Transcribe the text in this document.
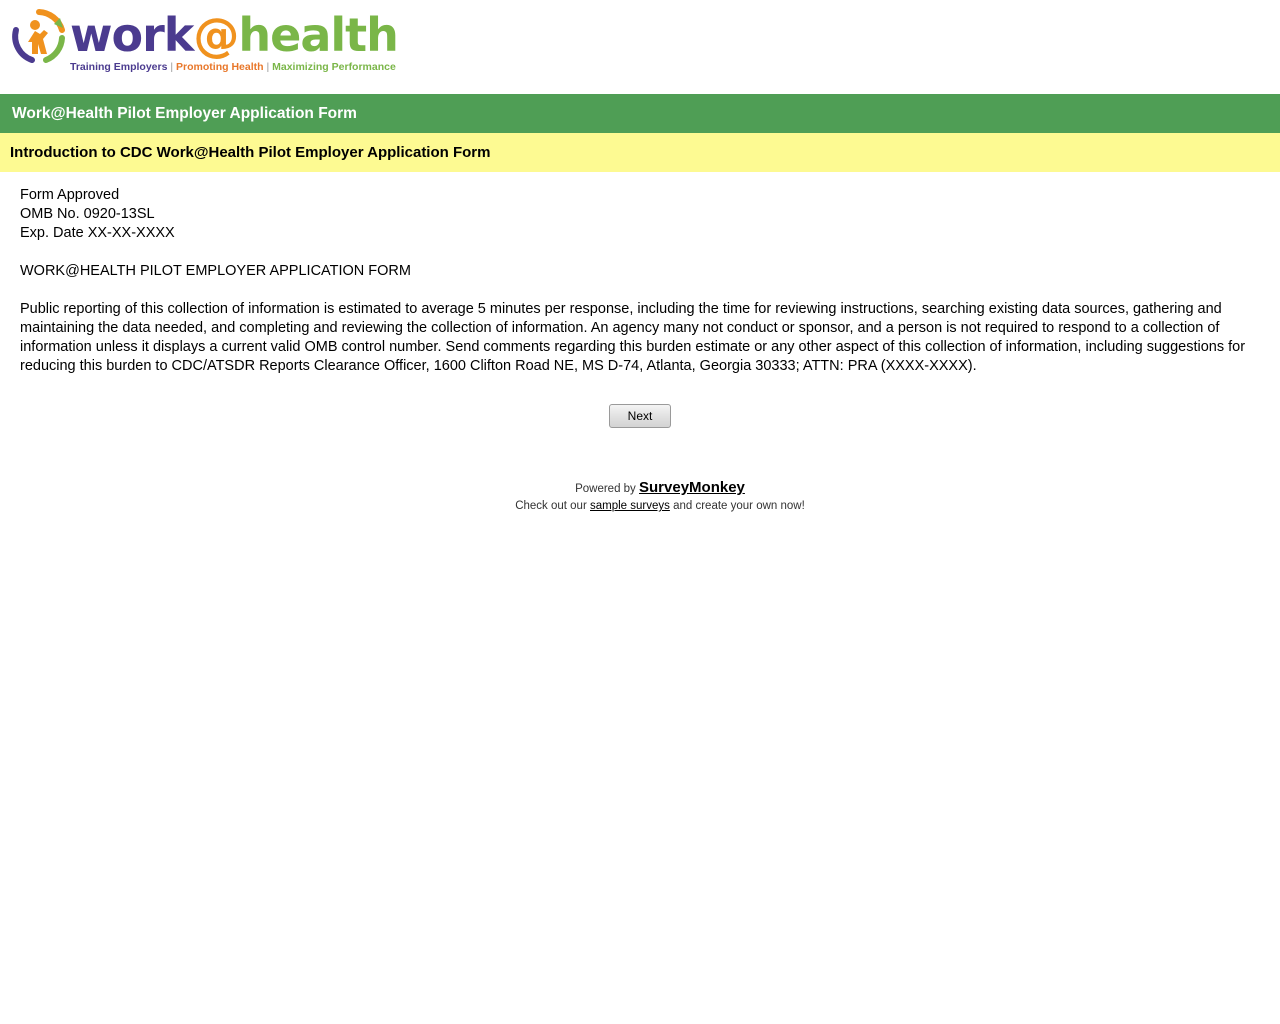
work@health
Training Employers | Promoting Health | Maximizing Performance
Work@Health Pilot Employer Application Form
Introduction to CDC Work@Health Pilot Employer Application Form
Form Approved
OMB No. 0920-13SL
Exp. Date XX-XX-XXXX
WORK@HEALTH PILOT EMPLOYER APPLICATION FORM
Public reporting of this collection of information is estimated to average 5 minutes per response, including the time for reviewing instructions, searching existing data sources, gathering and maintaining the data needed, and completing and reviewing the collection of information. An agency many not conduct or sponsor, and a person is not required to respond to a collection of information unless it displays a current valid OMB control number. Send comments regarding this burden estimate or any other aspect of this collection of information, including suggestions for reducing this burden to CDC/ATSDR Reports Clearance Officer, 1600 Clifton Road NE, MS D-74, Atlanta, Georgia 30333; ATTN: PRA (XXXX-XXXX).
Next
Powered by SurveyMonkey
Check out our sample surveys and create your own now!
